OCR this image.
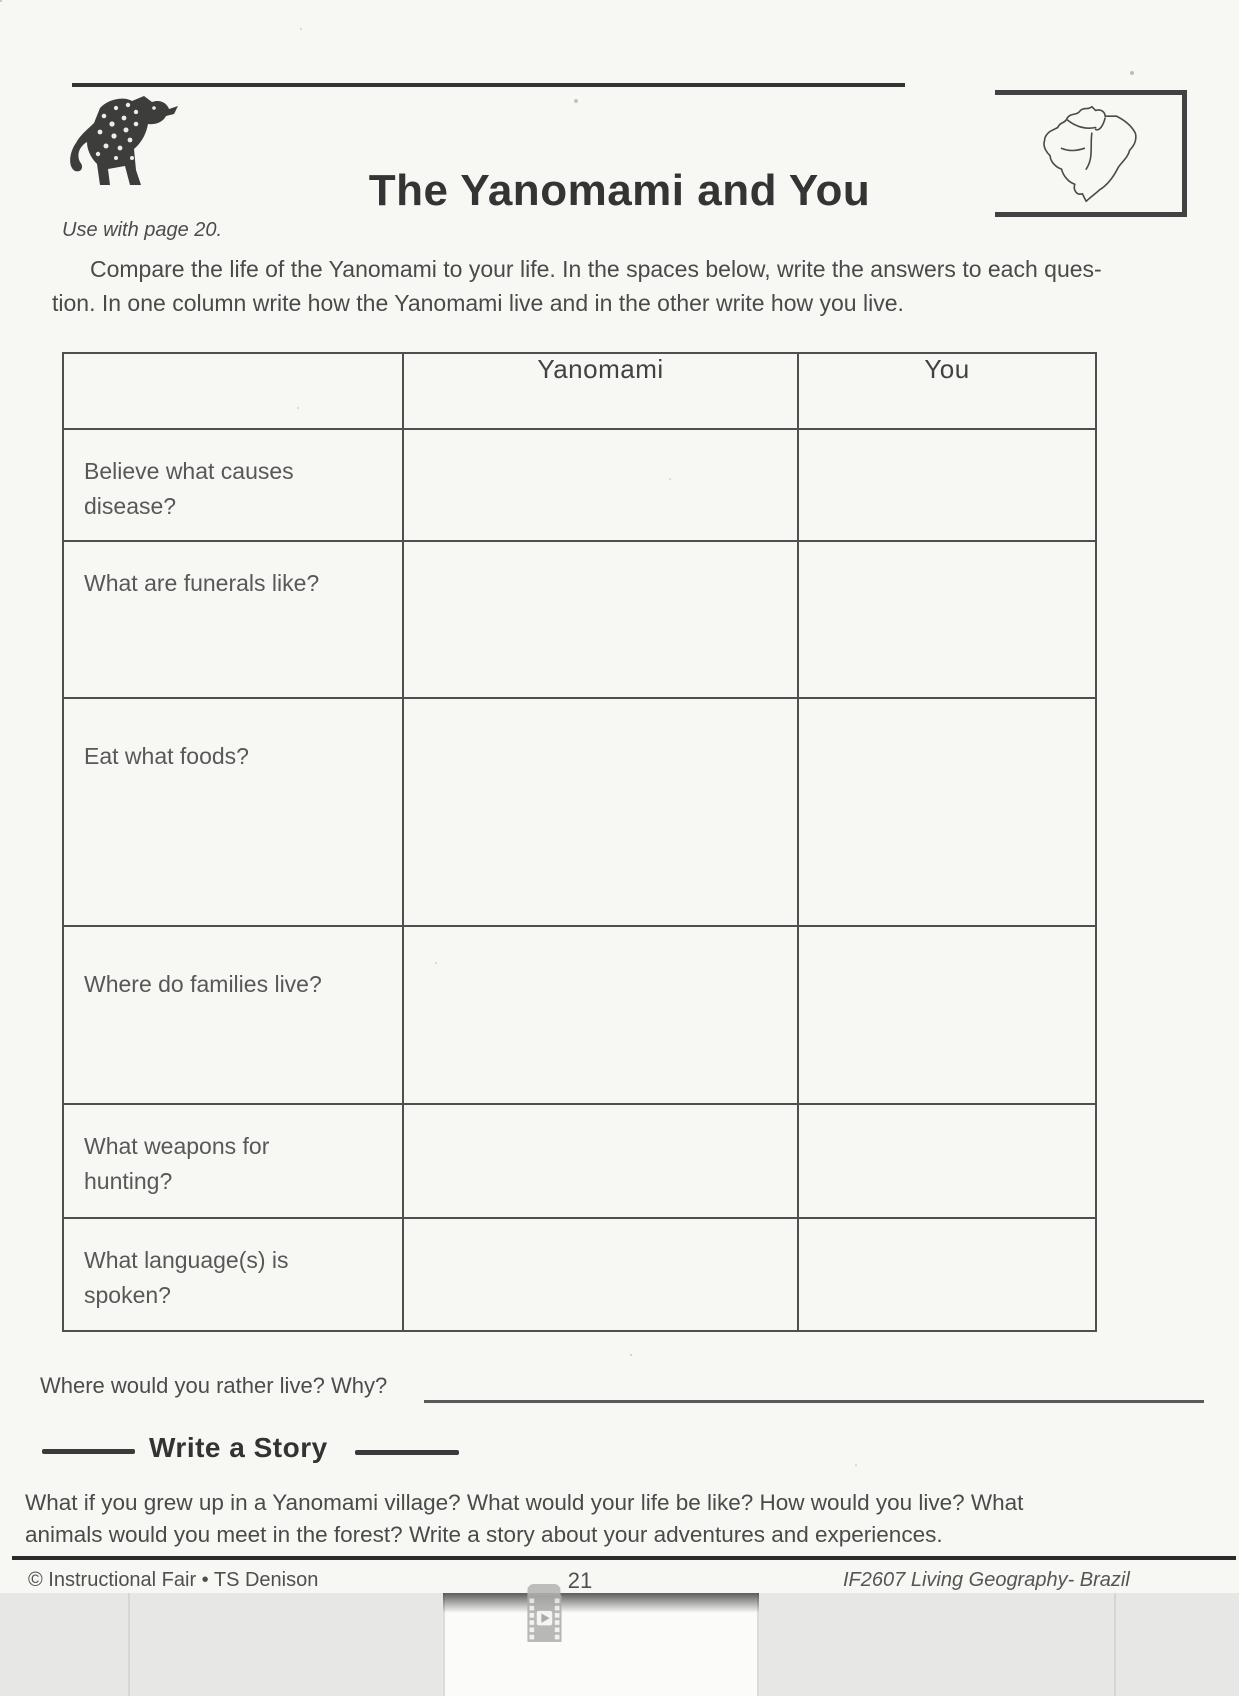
Use with page 20.
The Yanomami and You
Compare the life of the Yanomami to your life. In the spaces below, write the answers to each ques-
tion. In one column write how the Yanomami live and in the other write how you live.
	Yanomami	You

Believe what causes disease?		

What are funerals like?		

Eat what foods?		

Where do families live?		

What weapons for hunting?		

What language(s) is spoken?		

Where would you rather live? Why?
Write a Story
What if you grew up in a Yanomami village? What would your life be like? How would you live? What
animals would you meet in the forest? Write a story about your adventures and experiences.
© Instructional Fair • TS Denison	21	IF2607 Living Geography- Brazil
